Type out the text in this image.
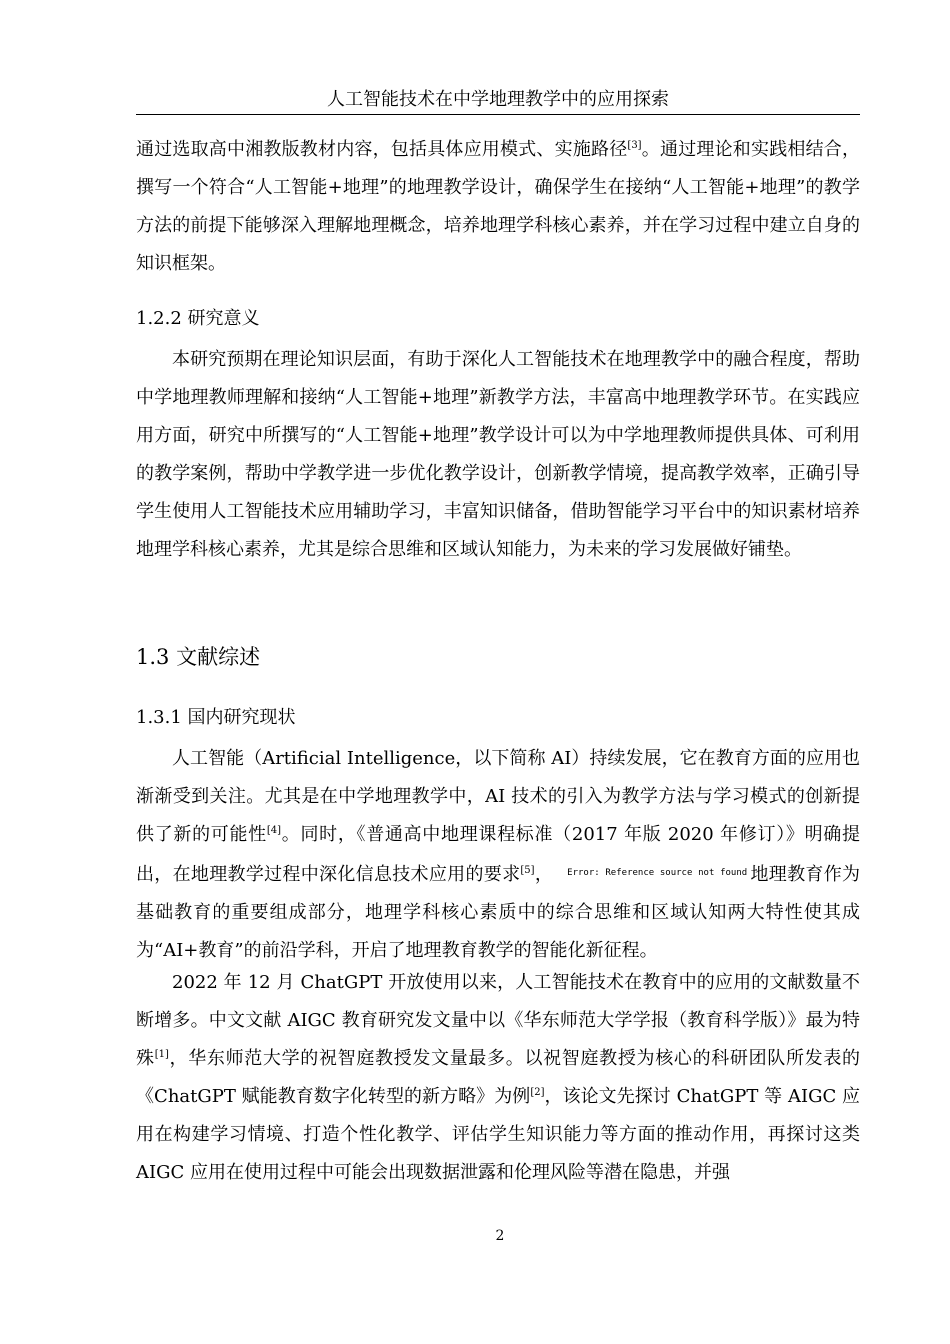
人工智能技术在中学地理教学中的应用探索

通过选取高中湘教版教材内容，包括具体应用模式、实施路径[3]。通过理论和实践相结合，撰写一个符合“人工智能+地理”的地理教学设计，确保学生在接纳“人工智能+地理”的教学方法的前提下能够深入理解地理概念，培养地理学科核心素养，并在学习过程中建立自身的知识框架。

1.2.2 研究意义

本研究预期在理论知识层面，有助于深化人工智能技术在地理教学中的融合程度，帮助中学地理教师理解和接纳“人工智能+地理”新教学方法，丰富高中地理教学环节。在实践应用方面，研究中所撰写的“人工智能+地理”教学设计可以为中学地理教师提供具体、可利用的教学案例，帮助中学教学进一步优化教学设计，创新教学情境，提高教学效率，正确引导学生使用人工智能技术应用辅助学习，丰富知识储备，借助智能学习平台中的知识素材培养地理学科核心素养，尤其是综合思维和区域认知能力，为未来的学习发展做好铺垫。

1.3 文献综述
1.3.1 国内研究现状

人工智能（Artificial Intelligence，以下简称 AI）持续发展，它在教育方面的应用也渐渐受到关注。尤其是在中学地理教学中，AI 技术的引入为教学方法与学习模式的创新提供了新的可能性[4]。同时，《普通高中地理课程标准（2017 年版 2020 年修订）》明确提出，在地理教学过程中深化信息技术应用的要求[5]， $^{Error: Reference source not found}$ 地理教育作为基础教育的重要组成部分，地理学科核心素质中的综合思维和区域认知两大特性使其成为“AI+教育”的前沿学科，开启了地理教育教学的智能化新征程。

2022 年 12 月 ChatGPT 开放使用以来，人工智能技术在教育中的应用的文献数量不断增多。中文文献 AIGC 教育研究发文量中以《华东师范大学学报（教育科学版）》最为特殊[1]，华东师范大学的祝智庭教授发文量最多。以祝智庭教授为核心的科研团队所发表的《ChatGPT 赋能教育数字化转型的新方略》为例[2]，该论文先探讨 ChatGPT 等 AIGC 应用在构建学习情境、打造个性化教学、评估学生知识能力等方面的推动作用，再探讨这类 AIGC 应用在使用过程中可能会出现数据泄露和伦理风险等潜在隐患，并强

2
